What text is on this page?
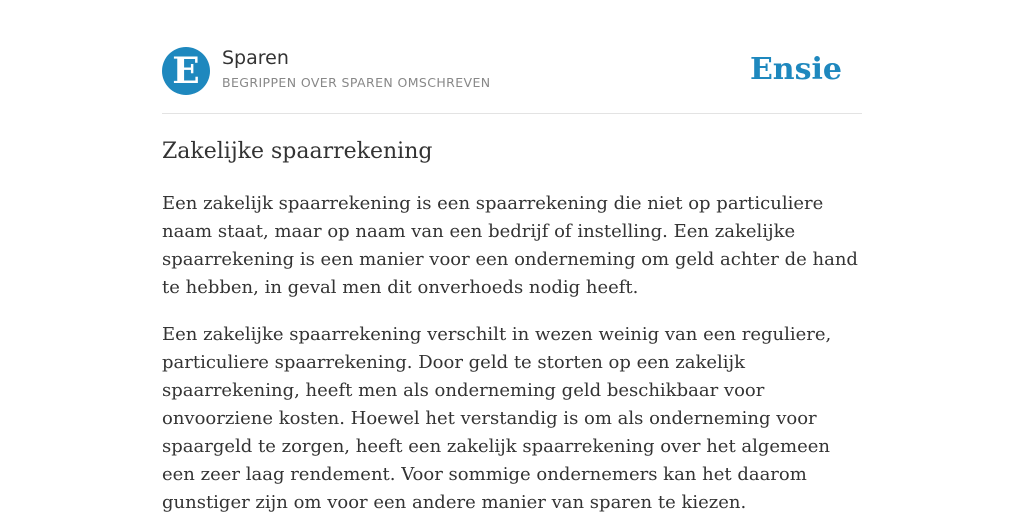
E	Sparen
BEGRIPPEN OVER SPAREN OMSCHREVEN	Ensie
Zakelijke spaarrekening

Een zakelijk spaarrekening is een spaarrekening die niet op particuliere naam staat, maar op naam van een bedrijf of instelling. Een zakelijke spaarrekening is een manier voor een onderneming om geld achter de hand te hebben, in geval men dit onverhoeds nodig heeft.

Een zakelijke spaarrekening verschilt in wezen weinig van een reguliere, particuliere spaarrekening. Door geld te storten op een zakelijk spaarrekening, heeft men als onderneming geld beschikbaar voor onvoorziene kosten. Hoewel het verstandig is om als onderneming voor spaargeld te zorgen, heeft een zakelijk spaarrekening over het algemeen een zeer laag rendement. Voor sommige ondernemers kan het daarom gunstiger zijn om voor een andere manier van sparen te kiezen.
